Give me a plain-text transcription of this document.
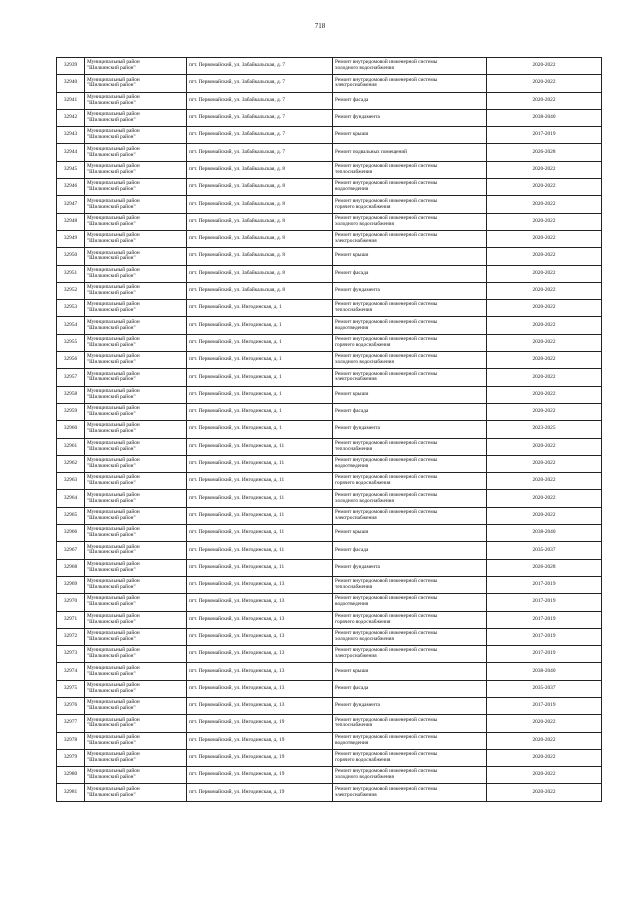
718
32939	Муниципальный район
"Шилкинский район"	пгт. Первомайский, ул. Забайкальская, д. 7	Ремонт внутридомовой инженерной системы
холодного водоснабжения	2020-2022
32940	Муниципальный район
"Шилкинский район"	пгт. Первомайский, ул. Забайкальская, д. 7	Ремонт внутридомовой инженерной системы
электроснабжения	2020-2022
32941	Муниципальный район
"Шилкинский район"	пгт. Первомайский, ул. Забайкальская, д. 7	Ремонт фасада	2020-2022
32942	Муниципальный район
"Шилкинский район"	пгт. Первомайский, ул. Забайкальская, д. 7	Ремонт фундамента	2038-2040
32943	Муниципальный район
"Шилкинский район"	пгт. Первомайский, ул. Забайкальская, д. 7	Ремонт крыши	2017-2019
32944	Муниципальный район
"Шилкинский район"	пгт. Первомайский, ул. Забайкальская, д. 7	Ремонт подвальных помещений	2026-2028
32945	Муниципальный район
"Шилкинский район"	пгт. Первомайский, ул. Забайкальская, д. 8	Ремонт внутридомовой инженерной системы
теплоснабжения	2020-2022
32946	Муниципальный район
"Шилкинский район"	пгт. Первомайский, ул. Забайкальская, д. 8	Ремонт внутридомовой инженерной системы
водоотведения	2020-2022
32947	Муниципальный район
"Шилкинский район"	пгт. Первомайский, ул. Забайкальская, д. 8	Ремонт внутридомовой инженерной системы
горячего водоснабжения	2020-2022
32948	Муниципальный район
"Шилкинский район"	пгт. Первомайский, ул. Забайкальская, д. 8	Ремонт внутридомовой инженерной системы
холодного водоснабжения	2020-2022
32949	Муниципальный район
"Шилкинский район"	пгт. Первомайский, ул. Забайкальская, д. 8	Ремонт внутридомовой инженерной системы
электроснабжения	2020-2022
32950	Муниципальный район
"Шилкинский район"	пгт. Первомайский, ул. Забайкальская, д. 8	Ремонт крыши	2020-2022
32951	Муниципальный район
"Шилкинский район"	пгт. Первомайский, ул. Забайкальская, д. 8	Ремонт фасада	2020-2022
32952	Муниципальный район
"Шилкинский район"	пгт. Первомайский, ул. Забайкальская, д. 8	Ремонт фундамента	2020-2022
32953	Муниципальный район
"Шилкинский район"	пгт. Первомайский, ул. Ингодинская, д. 1	Ремонт внутридомовой инженерной системы
теплоснабжения	2020-2022
32954	Муниципальный район
"Шилкинский район"	пгт. Первомайский, ул. Ингодинская, д. 1	Ремонт внутридомовой инженерной системы
водоотведения	2020-2022
32955	Муниципальный район
"Шилкинский район"	пгт. Первомайский, ул. Ингодинская, д. 1	Ремонт внутридомовой инженерной системы
горячего водоснабжения	2020-2022
32956	Муниципальный район
"Шилкинский район"	пгт. Первомайский, ул. Ингодинская, д. 1	Ремонт внутридомовой инженерной системы
холодного водоснабжения	2020-2022
32957	Муниципальный район
"Шилкинский район"	пгт. Первомайский, ул. Ингодинская, д. 1	Ремонт внутридомовой инженерной системы
электроснабжения	2020-2022
32958	Муниципальный район
"Шилкинский район"	пгт. Первомайский, ул. Ингодинская, д. 1	Ремонт крыши	2020-2022
32959	Муниципальный район
"Шилкинский район"	пгт. Первомайский, ул. Ингодинская, д. 1	Ремонт фасада	2020-2022
32960	Муниципальный район
"Шилкинский район"	пгт. Первомайский, ул. Ингодинская, д. 1	Ремонт фундамента	2023-2025
32961	Муниципальный район
"Шилкинский район"	пгт. Первомайский, ул. Ингодинская, д. 11	Ремонт внутридомовой инженерной системы
теплоснабжения	2020-2022
32962	Муниципальный район
"Шилкинский район"	пгт. Первомайский, ул. Ингодинская, д. 11	Ремонт внутридомовой инженерной системы
водоотведения	2020-2022
32963	Муниципальный район
"Шилкинский район"	пгт. Первомайский, ул. Ингодинская, д. 11	Ремонт внутридомовой инженерной системы
горячего водоснабжения	2020-2022
32964	Муниципальный район
"Шилкинский район"	пгт. Первомайский, ул. Ингодинская, д. 11	Ремонт внутридомовой инженерной системы
холодного водоснабжения	2020-2022
32965	Муниципальный район
"Шилкинский район"	пгт. Первомайский, ул. Ингодинская, д. 11	Ремонт внутридомовой инженерной системы
электроснабжения	2020-2022
32966	Муниципальный район
"Шилкинский район"	пгт. Первомайский, ул. Ингодинская, д. 11	Ремонт крыши	2038-2040
32967	Муниципальный район
"Шилкинский район"	пгт. Первомайский, ул. Ингодинская, д. 11	Ремонт фасада	2035-2037
32968	Муниципальный район
"Шилкинский район"	пгт. Первомайский, ул. Ингодинская, д. 11	Ремонт фундамента	2026-2028
32969	Муниципальный район
"Шилкинский район"	пгт. Первомайский, ул. Ингодинская, д. 13	Ремонт внутридомовой инженерной системы
теплоснабжения	2017-2019
32970	Муниципальный район
"Шилкинский район"	пгт. Первомайский, ул. Ингодинская, д. 13	Ремонт внутридомовой инженерной системы
водоотведения	2017-2019
32971	Муниципальный район
"Шилкинский район"	пгт. Первомайский, ул. Ингодинская, д. 13	Ремонт внутридомовой инженерной системы
горячего водоснабжения	2017-2019
32972	Муниципальный район
"Шилкинский район"	пгт. Первомайский, ул. Ингодинская, д. 13	Ремонт внутридомовой инженерной системы
холодного водоснабжения	2017-2019
32973	Муниципальный район
"Шилкинский район"	пгт. Первомайский, ул. Ингодинская, д. 13	Ремонт внутридомовой инженерной системы
электроснабжения	2017-2019
32974	Муниципальный район
"Шилкинский район"	пгт. Первомайский, ул. Ингодинская, д. 13	Ремонт крыши	2038-2040
32975	Муниципальный район
"Шилкинский район"	пгт. Первомайский, ул. Ингодинская, д. 13	Ремонт фасада	2035-2037
32976	Муниципальный район
"Шилкинский район"	пгт. Первомайский, ул. Ингодинская, д. 13	Ремонт фундамента	2017-2019
32977	Муниципальный район
"Шилкинский район"	пгт. Первомайский, ул. Ингодинская, д. 19	Ремонт внутридомовой инженерной системы
теплоснабжения	2020-2022
32978	Муниципальный район
"Шилкинский район"	пгт. Первомайский, ул. Ингодинская, д. 19	Ремонт внутридомовой инженерной системы
водоотведения	2020-2022
32979	Муниципальный район
"Шилкинский район"	пгт. Первомайский, ул. Ингодинская, д. 19	Ремонт внутридомовой инженерной системы
горячего водоснабжения	2020-2022
32980	Муниципальный район
"Шилкинский район"	пгт. Первомайский, ул. Ингодинская, д. 19	Ремонт внутридомовой инженерной системы
холодного водоснабжения	2020-2022
32981	Муниципальный район
"Шилкинский район"	пгт. Первомайский, ул. Ингодинская, д. 19	Ремонт внутридомовой инженерной системы
электроснабжения	2020-2022
